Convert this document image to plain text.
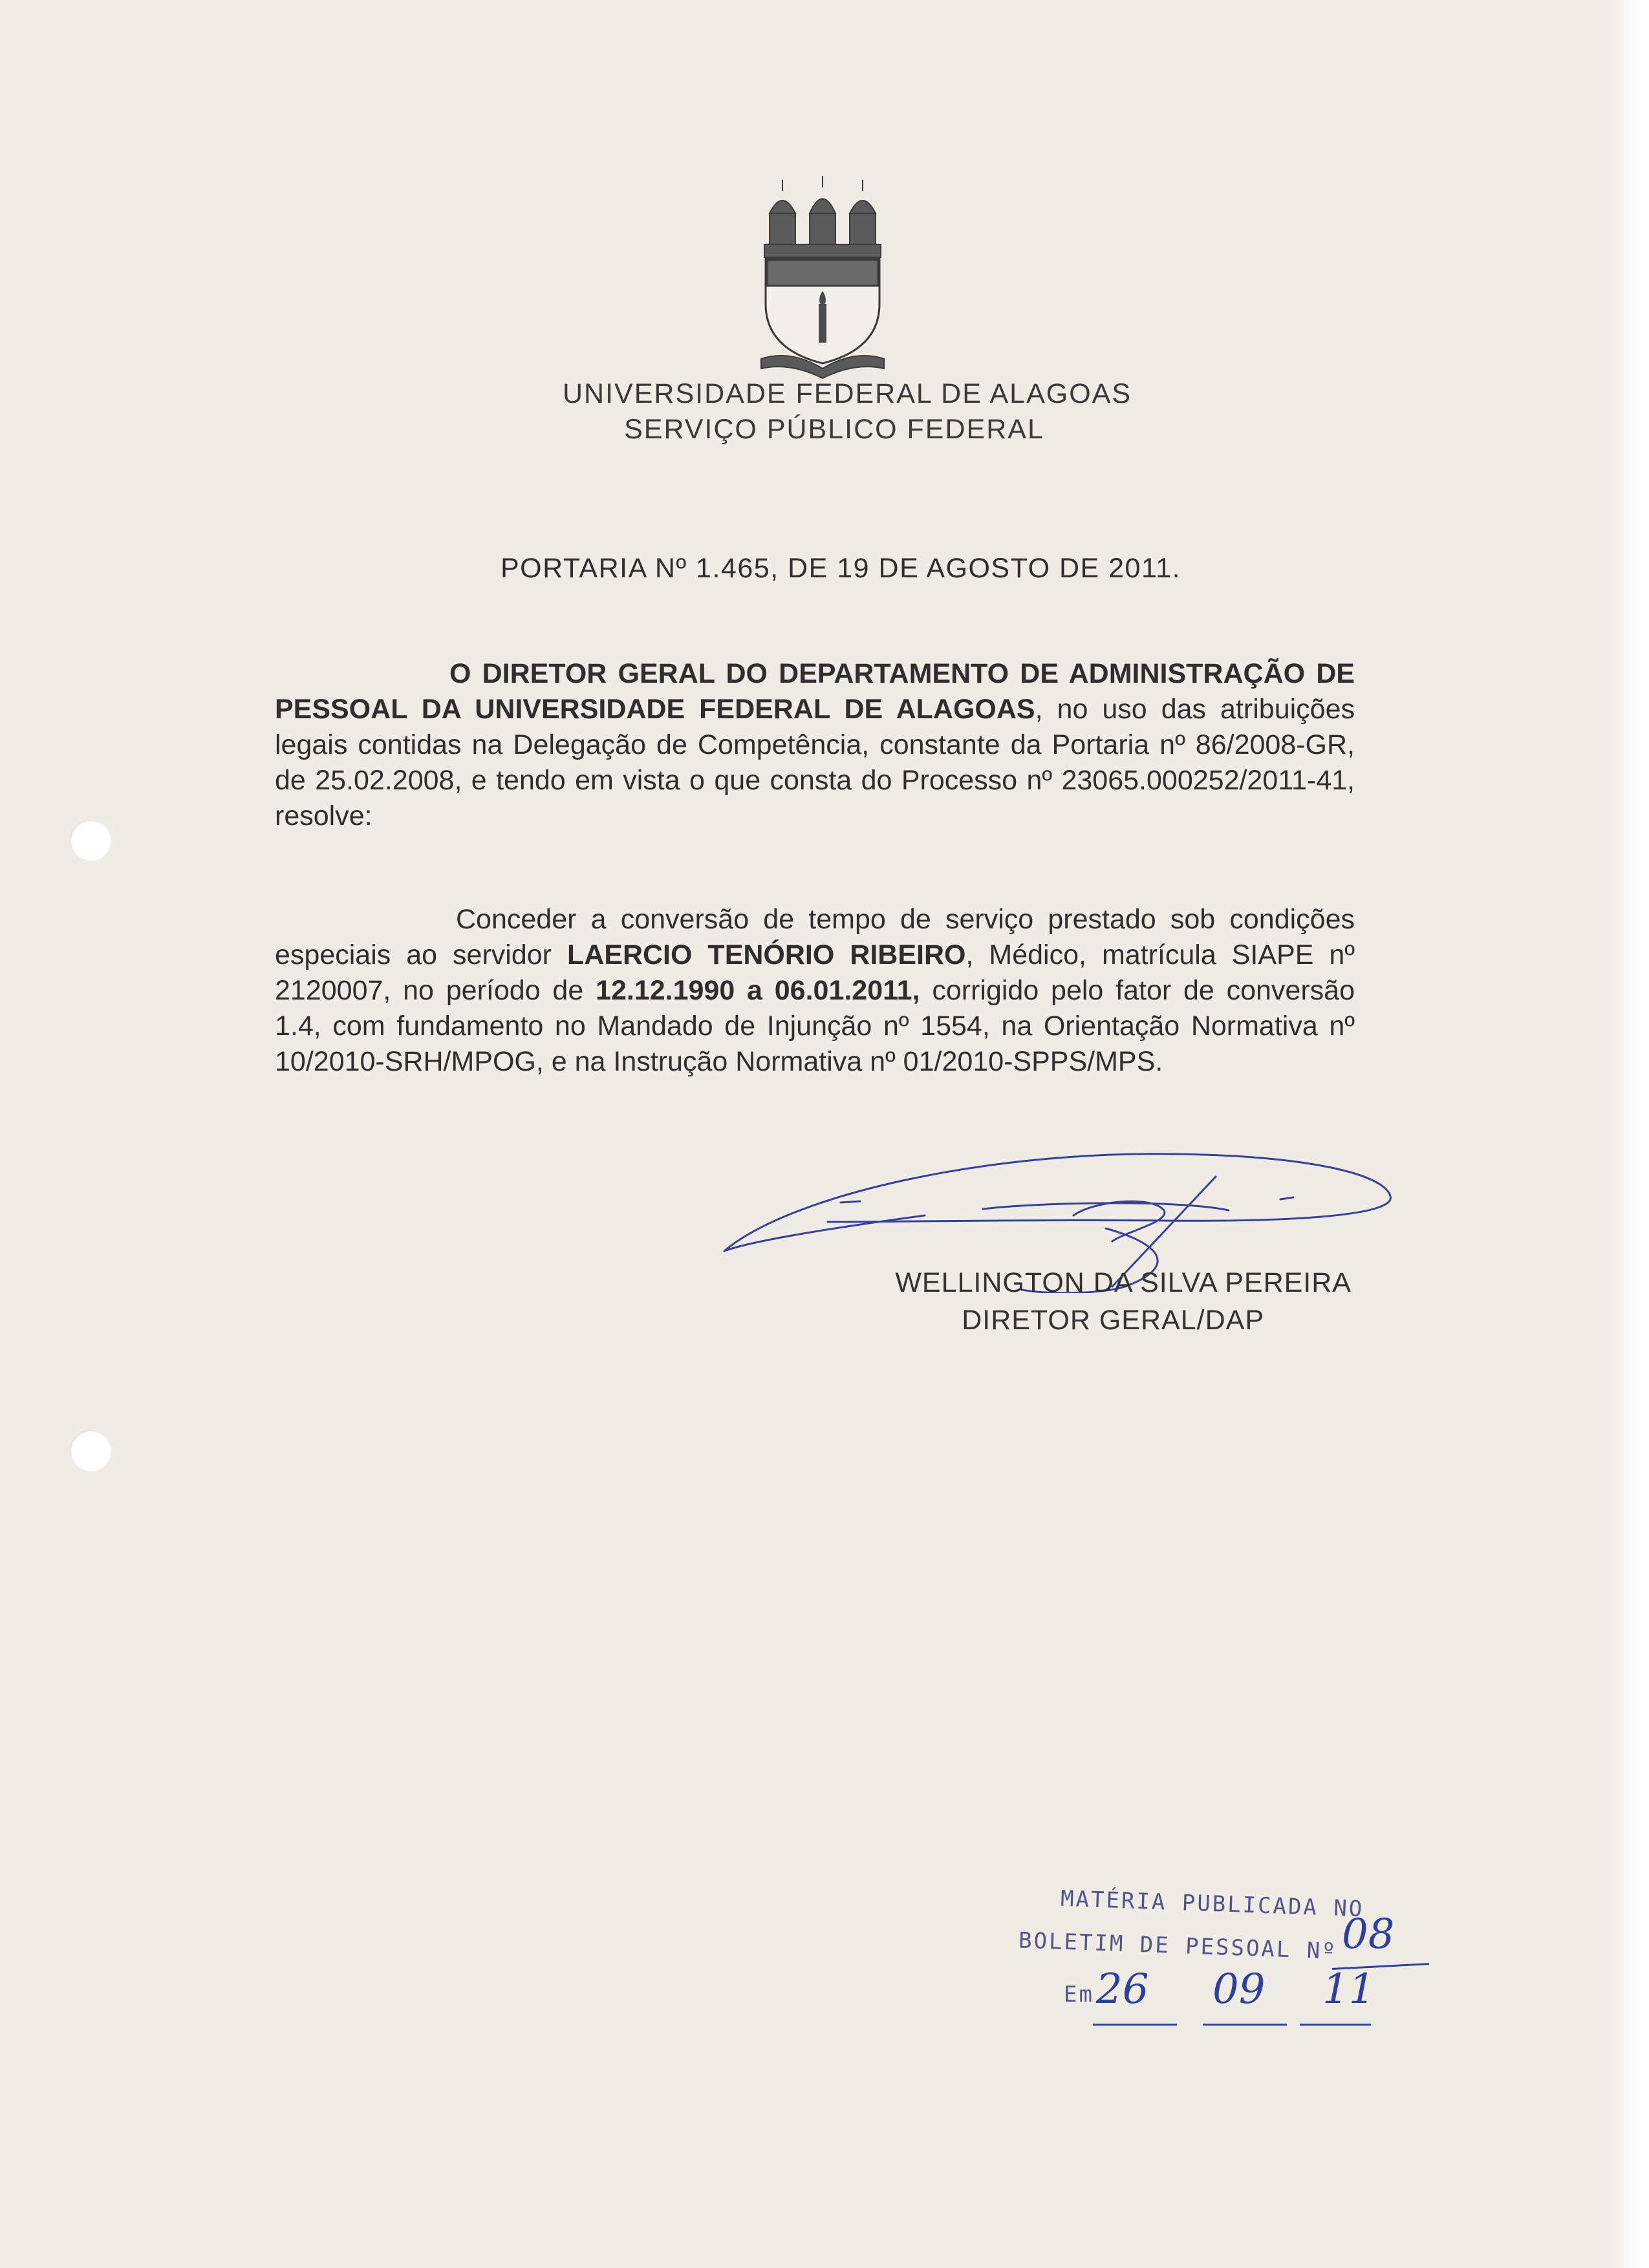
UNIVERSIDADE FEDERAL DE ALAGOAS
SERVIÇO PÚBLICO FEDERAL
PORTARIA Nº 1.465, DE 19 DE AGOSTO DE 2011.
O DIRETOR GERAL DO DEPARTAMENTO DE ADMINISTRAÇÃO DE PESSOAL DA UNIVERSIDADE FEDERAL DE ALAGOAS, no uso das atribuições legais contidas na Delegação de Competência, constante da Portaria nº 86/2008-GR, de 25.02.2008, e tendo em vista o que consta do Processo nº 23065.000252/2011-41, resolve:
Conceder a conversão de tempo de serviço prestado sob condições especiais ao servidor LAERCIO TENÓRIO RIBEIRO, Médico, matrícula SIAPE nº 2120007, no período de 12.12.1990 a 06.01.2011, corrigido pelo fator de conversão 1.4, com fundamento no Mandado de Injunção nº 1554, na Orientação Normativa nº 10/2010-SRH/MPOG, e na Instrução Normativa nº 01/2010-SPPS/MPS.
WELLINGTON DA SILVA PEREIRA
DIRETOR GERAL/DAP
MATÉRIA PUBLICADA NO
BOLETIM DE PESSOAL Nº
Em
08
26 09 11
